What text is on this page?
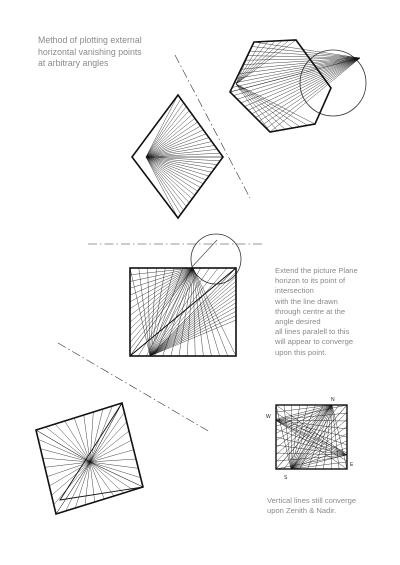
Method of plotting external
horizontal vanishing points
at arbitrary angles
Extend the picture Plane
horizon to its point of
intersection
with the line drawn
through centre at the
angle desired
all lines paralell to this
will appear to converge
upon this point.
Vertical lines still converge
upon Zenith & Nadir.
N
S
E
W
